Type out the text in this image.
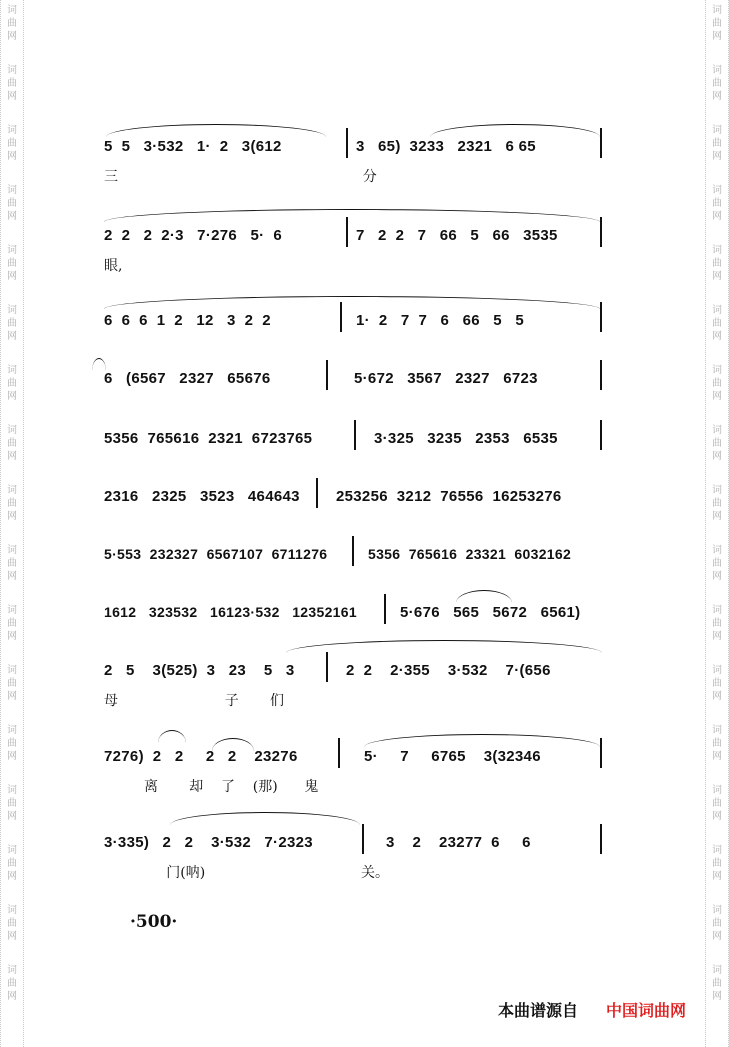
词
曲
网
词
曲
网
词
曲
网
词
曲
网
词
曲
网
词
曲
网
词
曲
网
词
曲
网
词
曲
网
词
曲
网
词
曲
网
词
曲
网
词
曲
网
词
曲
网
词
曲
网
词
曲
网
词
曲
网
词
曲
网
词
曲
网
词
曲
网
词
曲
网
词
曲
网
词
曲
网
词
曲
网
词
曲
网
词
曲
网
词
曲
网
词
曲
网
词
曲
网
词
曲
网
词
曲
网
词
曲
网
词
曲
网
词
曲
网
5  5   3·532   1·  2   3(612	3   65)  3233   2321   6 65
三                                                       分
2  2   2  2·3   7·276   5·  6	7   2  2   7   66   5   66   3535
眼,
6  6  6  1  2   12   3  2  2	1·  2   7  7   6   66   5   5
6   (6567   2327   65676	5·672   3567   2327   6723
5356  765616  2321  6723765	3·325   3235   2353   6535
2316   2325   3523   464643 253256  3212  76556  16253276
5·553  232327  6567107  6711276	5356  765616  23321  6032162
1612   323532   16123·532   12352161	5·676   565   5672   6561)
2   5    3(525)  3   23    5   3	2  2    2·355    3·532    7·(656
母                        子       们
7276)  2   2     2   2    23276	5·     7     6765    3(32346
离       却    了    (那)      鬼
3·335)   2   2    3·532   7·2323	3    2    23277  6     6
门(呐)                                   关。
·500·
本曲谱源自 中国词曲网
